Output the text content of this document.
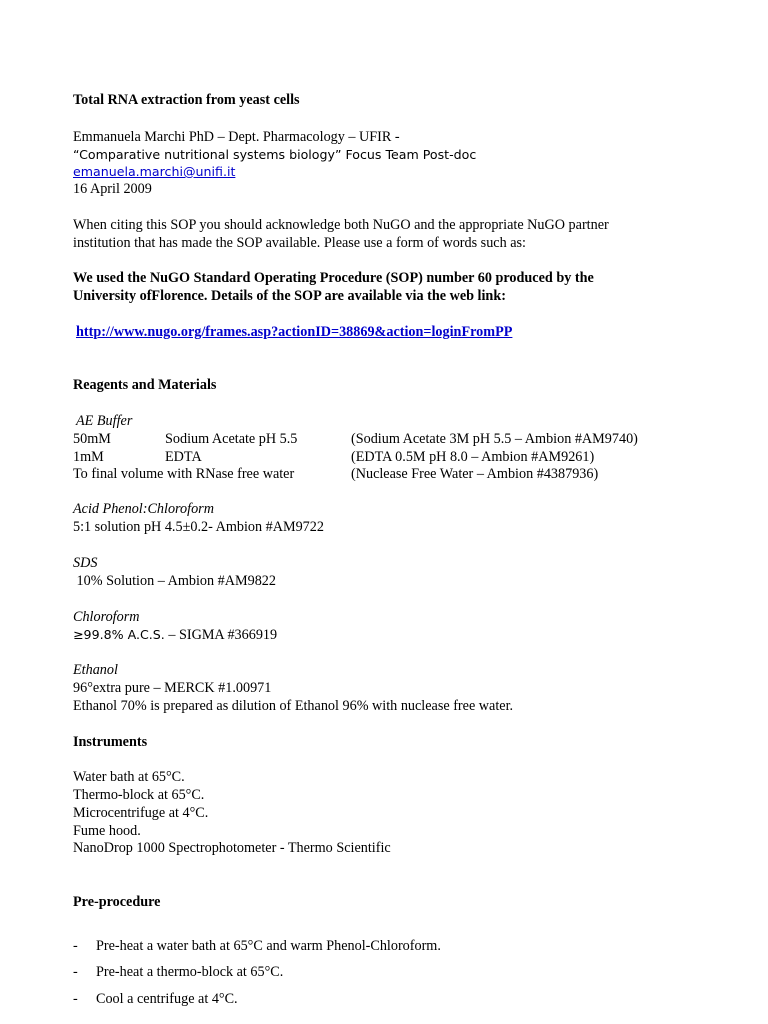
Total RNA extraction from yeast cells

Emmanuela Marchi PhD – Dept. Pharmacology – UFIR -

“Comparative nutritional systems biology” Focus Team Post-doc

emanuela.marchi@unifi.it

16 April 2009

When citing this SOP you should acknowledge both NuGO and the appropriate NuGO partner

institution that has made the SOP available. Please use a form of words such as:

We used the NuGO Standard Operating Procedure (SOP) number 60 produced by the

University ofFlorence. Details of the SOP are available via the web link:

http://www.nugo.org/frames.asp?actionID=38869&action=loginFromPP

Reagents and Materials

AE Buffer

50mM	Sodium Acetate pH 5.5	(Sodium Acetate 3M pH 5.5 – Ambion #AM9740)
1mM	EDTA	(EDTA 0.5M pH 8.0 – Ambion #AM9261)
To final volume with RNase free water	(Nuclease Free Water – Ambion #4387936)

Acid Phenol:Chloroform

5:1 solution pH 4.5±0.2- Ambion #AM9722

SDS

10% Solution – Ambion #AM9822

Chloroform

≥99.8% A.C.S. – SIGMA #366919

Ethanol

96°extra pure – MERCK #1.00971

Ethanol 70% is prepared as dilution of Ethanol 96% with nuclease free water.

Instruments

Water bath at 65°C.

Thermo-block at 65°C.

Microcentrifuge at 4°C.

Fume hood.

NanoDrop 1000 Spectrophotometer - Thermo Scientific

Pre-procedure

-	Pre-heat a water bath at 65°C and warm Phenol-Chloroform.
-	Pre-heat a thermo-block at 65°C.
-	Cool a centrifuge at 4°C.
